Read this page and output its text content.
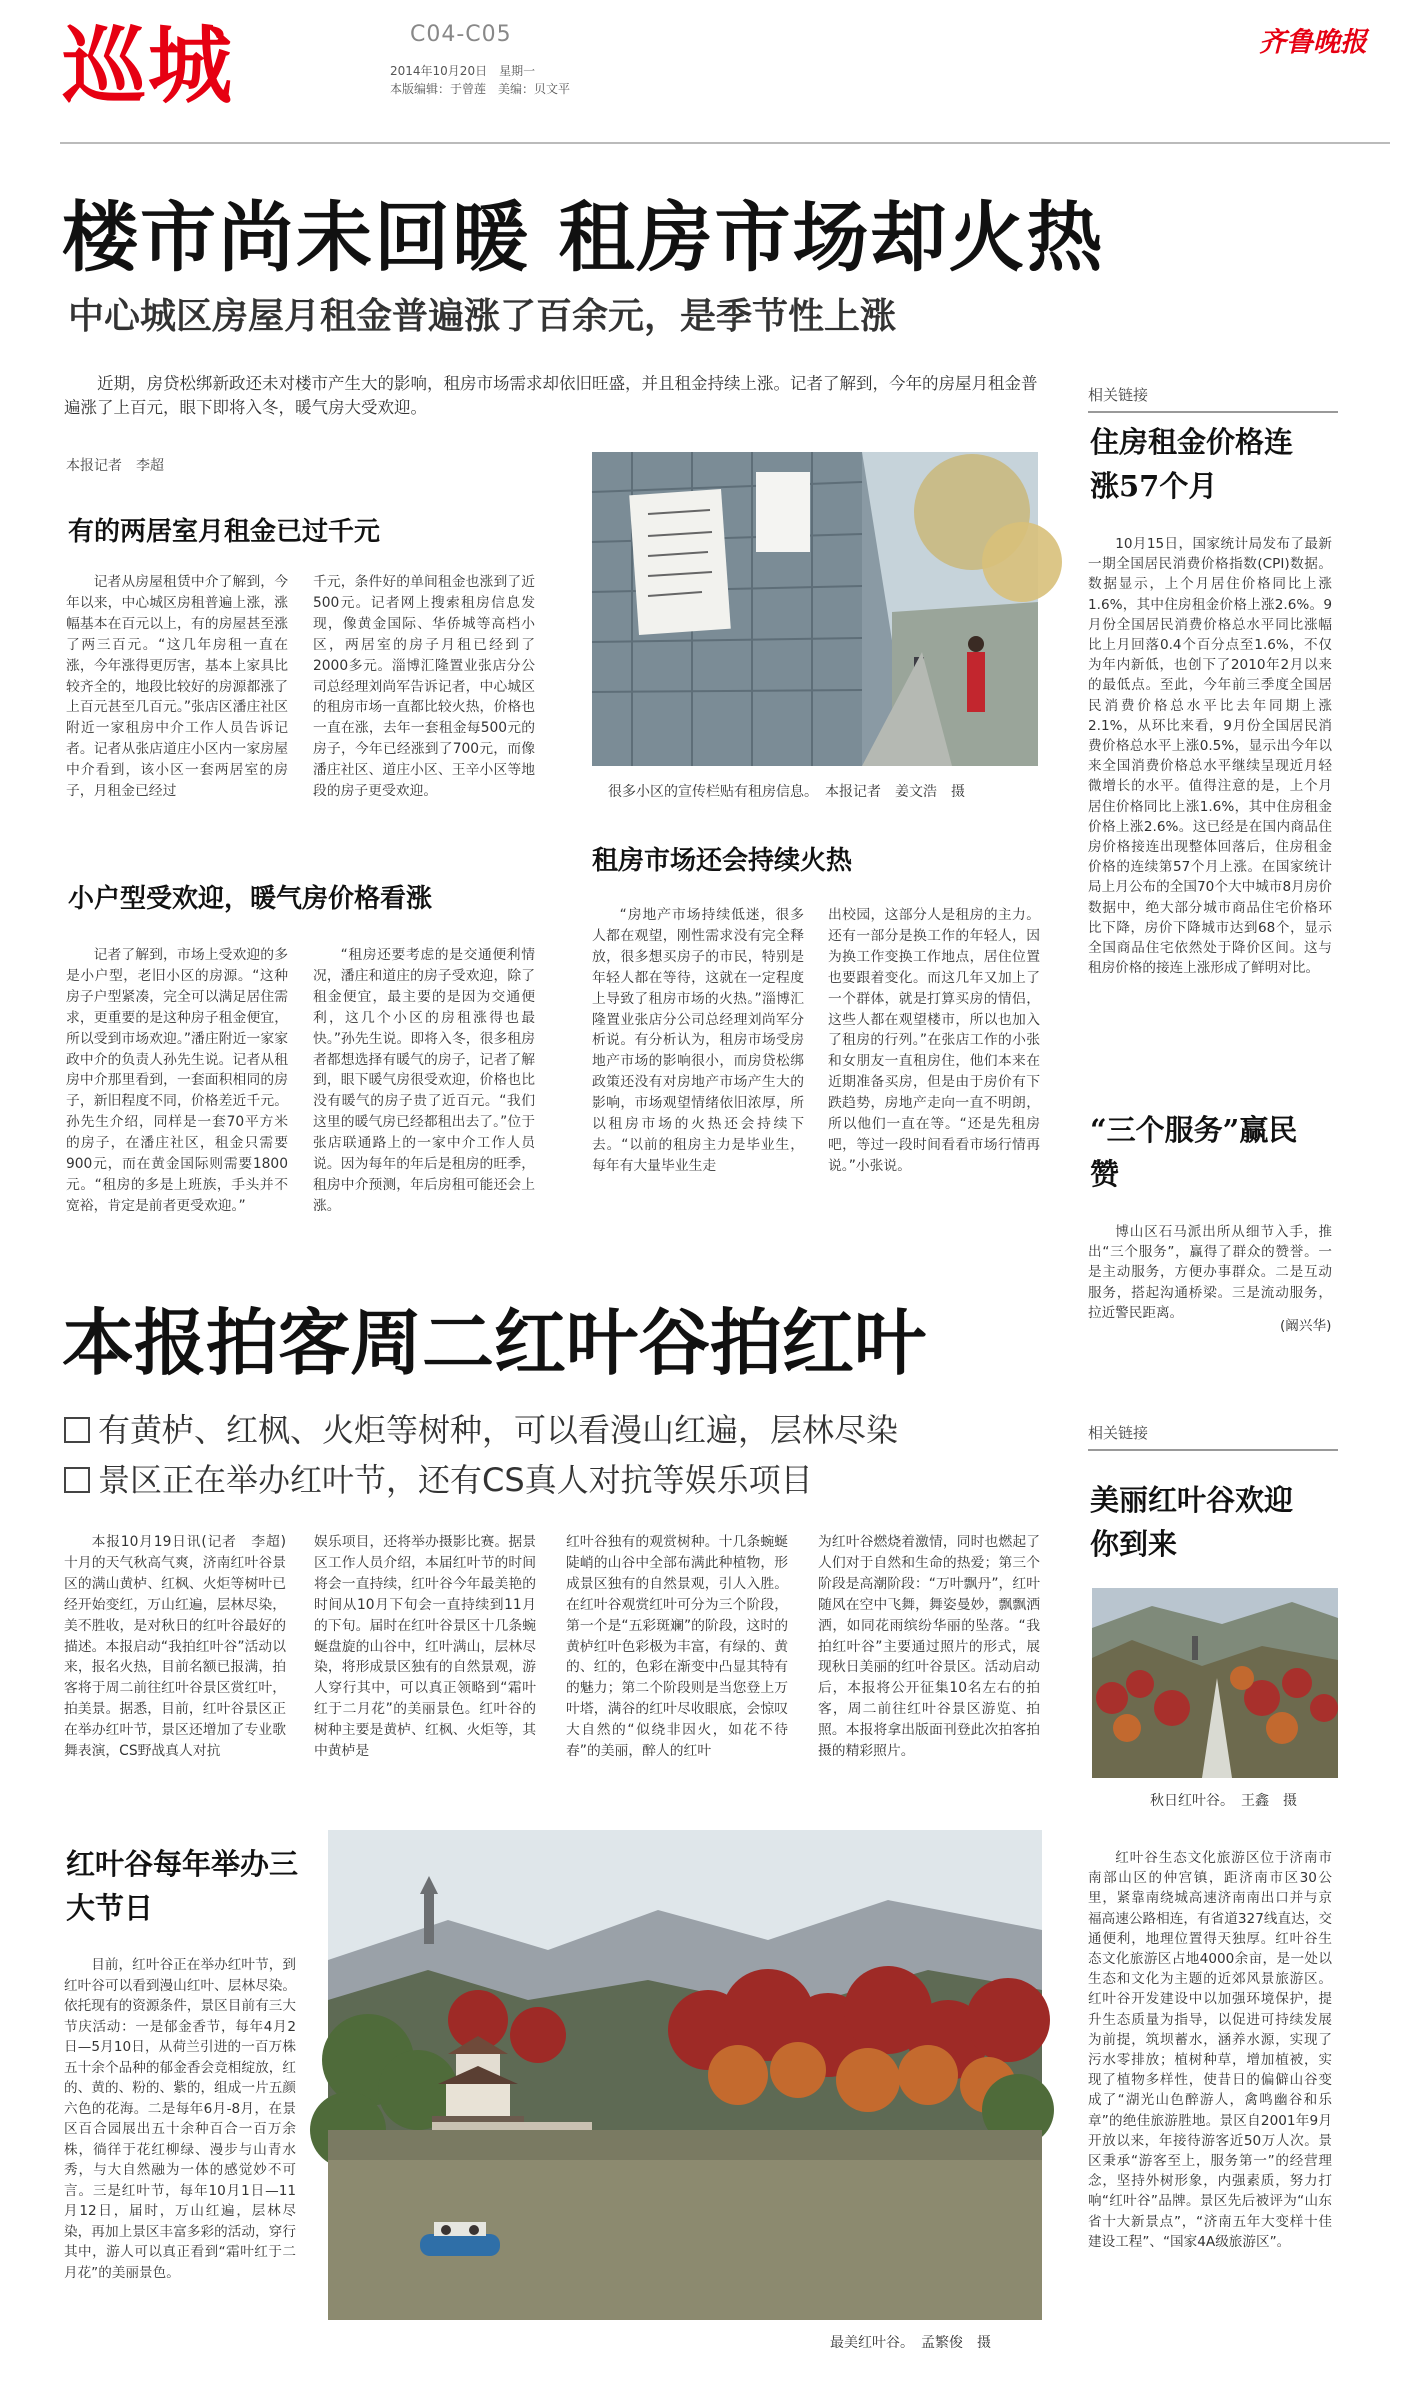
巡城	C04-C05
2014年10月20日　星期一
本版编辑：于曾莲　美编：贝文平
齐鲁晚报
楼市尚未回暖 租房市场却火热
中心城区房屋月租金普遍涨了百余元，是季节性上涨
近期，房贷松绑新政还未对楼市产生大的影响，租房市场需求却依旧旺盛，并且租金持续上涨。记者了解到，今年的房屋月租金普遍涨了上百元，眼下即将入冬，暖气房大受欢迎。
本报记者　李超
有的两居室月租金已过千元

记者从房屋租赁中介了解到，今年以来，中心城区房租普遍上涨，涨幅基本在百元以上，有的房屋甚至涨了两三百元。“这几年房租一直在涨，今年涨得更厉害，基本上家具比较齐全的，地段比较好的房源都涨了上百元甚至几百元。”张店区潘庄社区附近一家租房中介工作人员告诉记者。记者从张店道庄小区内一家房屋中介看到，该小区一套两居室的房子，月租金已经过

千元，条件好的单间租金也涨到了近500元。记者网上搜索租房信息发现，像黄金国际、华侨城等高档小区，两居室的房子月租已经到了2000多元。淄博汇隆置业张店分公司总经理刘尚军告诉记者，中心城区的租房市场一直都比较火热，价格也一直在涨，去年一套租金每500元的房子，今年已经涨到了700元，而像潘庄社区、道庄小区、王辛小区等地段的房子更受欢迎。

小户型受欢迎，暖气房价格看涨

记者了解到，市场上受欢迎的多是小户型，老旧小区的房源。“这种房子户型紧凑，完全可以满足居住需求，更重要的是这种房子租金便宜，所以受到市场欢迎。”潘庄附近一家家政中介的负责人孙先生说。记者从租房中介那里看到，一套面积相同的房子，新旧程度不同，价格差近千元。孙先生介绍，同样是一套70平方米的房子，在潘庄社区，租金只需要900元，而在黄金国际则需要1800元。“租房的多是上班族，手头并不宽裕，肯定是前者更受欢迎。”

“租房还要考虑的是交通便利情况，潘庄和道庄的房子受欢迎，除了租金便宜，最主要的是因为交通便利，这几个小区的房租涨得也最快。”孙先生说。即将入冬，很多租房者都想选择有暖气的房子，记者了解到，眼下暖气房很受欢迎，价格也比没有暖气的房子贵了近百元。“我们这里的暖气房已经都租出去了。”位于张店联通路上的一家中介工作人员说。因为每年的年后是租房的旺季，租房中介预测，年后房租可能还会上涨。

很多小区的宣传栏贴有租房信息。　本报记者　姜文浩　摄
租房市场还会持续火热

“房地产市场持续低迷，很多人都在观望，刚性需求没有完全释放，很多想买房子的市民，特别是年轻人都在等待，这就在一定程度上导致了租房市场的火热。”淄博汇隆置业张店分公司总经理刘尚军分析说。有分析认为，租房市场受房地产市场的影响很小，而房贷松绑政策还没有对房地产市场产生大的影响，市场观望情绪依旧浓厚，所以租房市场的火热还会持续下去。“以前的租房主力是毕业生，每年有大量毕业生走

出校园，这部分人是租房的主力。还有一部分是换工作的年轻人，因为换工作变换工作地点，居住位置也要跟着变化。而这几年又加上了一个群体，就是打算买房的情侣，这些人都在观望楼市，所以也加入了租房的行列。”在张店工作的小张和女朋友一直租房住，他们本来在近期准备买房，但是由于房价有下跌趋势，房地产走向一直不明朗，所以他们一直在等。“还是先租房吧，等过一段时间看看市场行情再说。”小张说。

相关链接
住房租金价格连涨57个月

10月15日，国家统计局发布了最新一期全国居民消费价格指数(CPI)数据。数据显示，上个月居住价格同比上涨1.6%，其中住房租金价格上涨2.6%。9月份全国居民消费价格总水平同比涨幅比上月回落0.4个百分点至1.6%，不仅为年内新低，也创下了2010年2月以来的最低点。至此，今年前三季度全国居民消费价格总水平比去年同期上涨2.1%，从环比来看，9月份全国居民消费价格总水平上涨0.5%，显示出今年以来全国消费价格总水平继续呈现近月轻微增长的水平。值得注意的是，上个月居住价格同比上涨1.6%，其中住房租金价格上涨2.6%。这已经是在国内商品住房价格接连出现整体回落后，住房租金价格的连续第57个月上涨。在国家统计局上月公布的全国70个大中城市8月房价数据中，绝大部分城市商品住宅价格环比下降，房价下降城市达到68个，显示全国商品住宅依然处于降价区间。这与租房价格的接连上涨形成了鲜明对比。

“三个服务”赢民赞

博山区石马派出所从细节入手，推出“三个服务”，赢得了群众的赞誉。一是主动服务，方便办事群众。二是互动服务，搭起沟通桥梁。三是流动服务，拉近警民距离。

(阚兴华)
本报拍客周二红叶谷拍红叶
有黄栌、红枫、火炬等树种，可以看漫山红遍，层林尽染
景区正在举办红叶节，还有CS真人对抗等娱乐项目

本报10月19日讯(记者　李超)　十月的天气秋高气爽，济南红叶谷景区的满山黄栌、红枫、火炬等树叶已经开始变红，万山红遍，层林尽染，美不胜收，是对秋日的红叶谷最好的描述。本报启动“我拍红叶谷”活动以来，报名火热，目前名额已报满，拍客将于周二前往红叶谷景区赏红叶，拍美景。据悉，目前，红叶谷景区正在举办红叶节，景区还增加了专业歌舞表演，CS野战真人对抗

娱乐项目，还将举办摄影比赛。据景区工作人员介绍，本届红叶节的时间将会一直持续，红叶谷今年最美艳的时间从10月下旬会一直持续到11月的下旬。届时在红叶谷景区十几条蜿蜒盘旋的山谷中，红叶满山，层林尽染，将形成景区独有的自然景观，游人穿行其中，可以真正领略到“霜叶红于二月花”的美丽景色。红叶谷的树种主要是黄栌、红枫、火炬等，其中黄栌是

红叶谷独有的观赏树种。十几条蜿蜒陡峭的山谷中全部布满此种植物，形成景区独有的自然景观，引人入胜。在红叶谷观赏红叶可分为三个阶段，第一个是“五彩斑斓”的阶段，这时的黄栌红叶色彩极为丰富，有绿的、黄的、红的，色彩在渐变中凸显其特有的魅力；第二个阶段则是当您登上万叶塔，满谷的红叶尽收眼底，会惊叹大自然的“似绕非因火，如花不待春”的美丽，醉人的红叶

为红叶谷燃烧着激情，同时也燃起了人们对于自然和生命的热爱；第三个阶段是高潮阶段：“万叶飘丹”，红叶随风在空中飞舞，舞姿曼妙，飘飘洒洒，如同花雨缤纷华丽的坠落。“我拍红叶谷”主要通过照片的形式，展现秋日美丽的红叶谷景区。活动启动后，本报将公开征集10名左右的拍客，周二前往红叶谷景区游览、拍照。本报将拿出版面刊登此次拍客拍摄的精彩照片。

相关链接
美丽红叶谷欢迎你到来
秋日红叶谷。　王鑫　摄

红叶谷生态文化旅游区位于济南市南部山区的仲宫镇，距济南市区30公里，紧靠南绕城高速济南南出口并与京福高速公路相连，有省道327线直达，交通便利，地理位置得天独厚。红叶谷生态文化旅游区占地4000余亩，是一处以生态和文化为主题的近郊风景旅游区。红叶谷开发建设中以加强环境保护，提升生态质量为指导，以促进可持续发展为前提，筑坝蓄水，涵养水源，实现了污水零排放；植树种草，增加植被，实现了植物多样性，使昔日的偏僻山谷变成了“湖光山色醉游人，禽鸣幽谷和乐章”的绝佳旅游胜地。景区自2001年9月开放以来，年接待游客近50万人次。景区秉承“游客至上，服务第一”的经营理念，坚持外树形象，内强素质，努力打响“红叶谷”品牌。景区先后被评为“山东省十大新景点”，“济南五年大变样十佳建设工程”、“国家4A级旅游区”。

红叶谷每年举办三大节日

目前，红叶谷正在举办红叶节，到红叶谷可以看到漫山红叶、层林尽染。依托现有的资源条件，景区目前有三大节庆活动：一是郁金香节，每年4月2日—5月10日，从荷兰引进的一百万株五十余个品种的郁金香会竞相绽放，红的、黄的、粉的、紫的，组成一片五颜六色的花海。二是每年6月-8月，在景区百合园展出五十余种百合一百万余株，徜徉于花红柳绿、漫步与山青水秀，与大自然融为一体的感觉妙不可言。三是红叶节，每年10月1日—11月12日，届时，万山红遍，层林尽染，再加上景区丰富多彩的活动，穿行其中，游人可以真正看到“霜叶红于二月花”的美丽景色。

最美红叶谷。　孟繁俊　摄
